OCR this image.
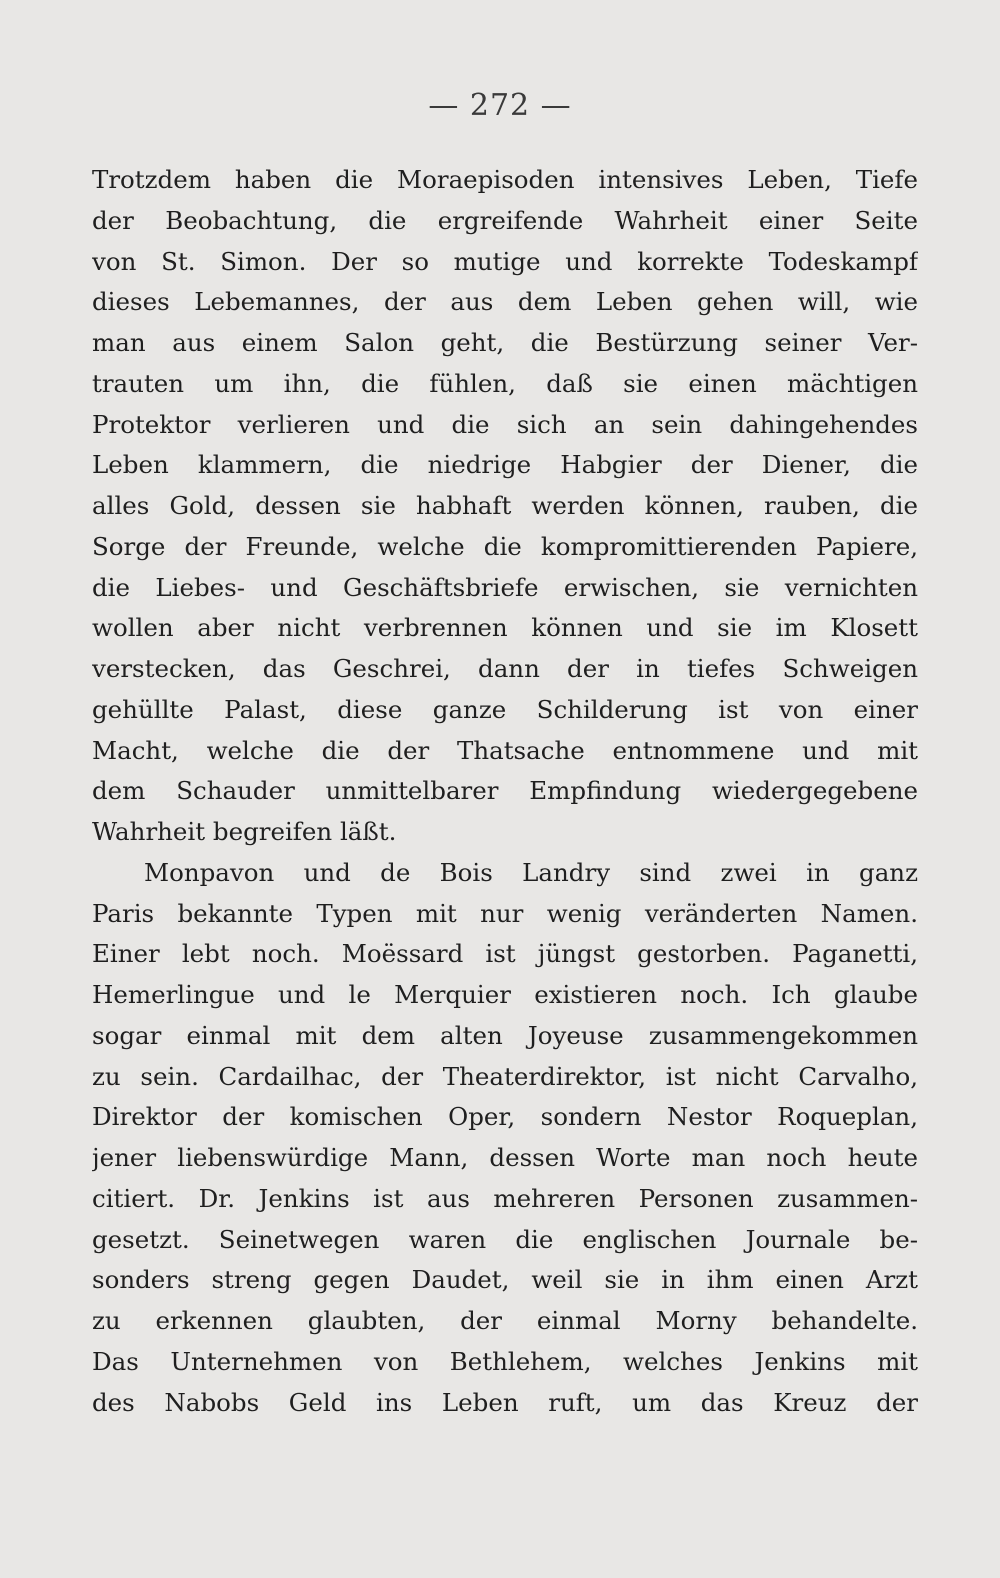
— 272 —
Trotzdem haben die Moraepisoden intensives Leben, Tiefe
der Beobachtung, die ergreifende Wahrheit einer Seite
von St. Simon. Der so mutige und korrekte Todeskampf
dieses Lebemannes, der aus dem Leben gehen will, wie
man aus einem Salon geht, die Bestürzung seiner Ver-
trauten um ihn, die fühlen, daß sie einen mächtigen
Protektor verlieren und die sich an sein dahingehendes
Leben klammern, die niedrige Habgier der Diener, die
alles Gold, dessen sie habhaft werden können, rauben, die
Sorge der Freunde, welche die kompromittierenden Papiere,
die Liebes- und Geschäftsbriefe erwischen, sie vernichten
wollen aber nicht verbrennen können und sie im Klosett
verstecken, das Geschrei, dann der in tiefes Schweigen
gehüllte Palast, diese ganze Schilderung ist von einer
Macht, welche die der Thatsache entnommene und mit
dem Schauder unmittelbarer Empfindung wiedergegebene
Wahrheit begreifen läßt.
Monpavon und de Bois Landry sind zwei in ganz
Paris bekannte Typen mit nur wenig veränderten Namen.
Einer lebt noch. Moëssard ist jüngst gestorben. Paganetti,
Hemerlingue und le Merquier existieren noch. Ich glaube
sogar einmal mit dem alten Joyeuse zusammengekommen
zu sein. Cardailhac, der Theaterdirektor, ist nicht Carvalho,
Direktor der komischen Oper, sondern Nestor Roqueplan,
jener liebenswürdige Mann, dessen Worte man noch heute
citiert. Dr. Jenkins ist aus mehreren Personen zusammen-
gesetzt. Seinetwegen waren die englischen Journale be-
sonders streng gegen Daudet, weil sie in ihm einen Arzt
zu erkennen glaubten, der einmal Morny behandelte.
Das Unternehmen von Bethlehem, welches Jenkins mit
des Nabobs Geld ins Leben ruft, um das Kreuz der
